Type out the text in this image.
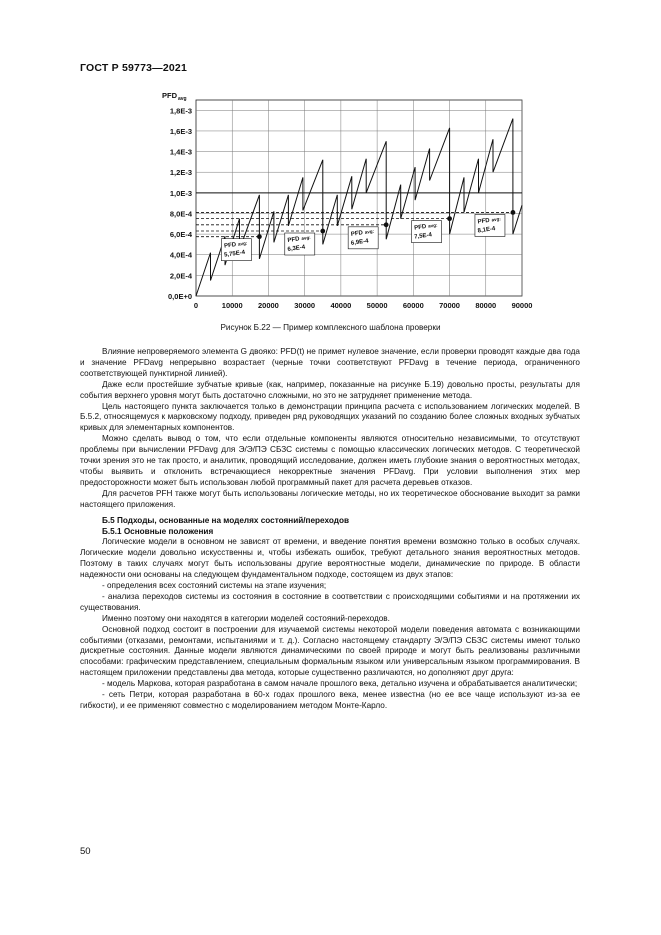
ГОСТ Р 59773—2021
0,0E+0
2,0E-4
4,0E-4
6,0E-4
8,0E-4
1,0E-3
1,2E-3
1,4E-3
1,6E-3
1,8E-3
0	10000 20000 30000 40000 50000 60000 70000 80000 90000
PFD avg
PFD avg:
5,75E-4
PFD avg:
6,3E-4
PFD avg:
6,9E-4
PFD avg:
7,5E-4
PFD avg:
8,1E-4
Рисунок Б.22 — Пример комплексного шаблона проверки

Влияние непроверяемого элемента G двояко: PFD(t) не примет нулевое значение, если проверки проводят каждые два года и значение PFDavg непрерывно возрастает (черные точки соответствуют PFDavg в течение периода, ограниченного соответствующей пунктирной линией).

Даже если простейшие зубчатые кривые (как, например, показанные на рисунке Б.19) довольно просты, результаты для события верхнего уровня могут быть достаточно сложными, но это не затрудняет применение метода.

Цель настоящего пункта заключается только в демонстрации принципа расчета с использованием логических моделей. В Б.5.2, относящемуся к марковскому подходу, приведен ряд руководящих указаний по созданию более сложных входных зубчатых кривых для элементарных компонентов.

Можно сделать вывод о том, что если отдельные компоненты являются относительно независимыми, то отсутствуют проблемы при вычислении PFDavg для Э/Э/ПЭ СБЗС системы с помощью классических логических методов. С теоретической точки зрения это не так просто, и аналитик, проводящий исследование, должен иметь глубокие знания о вероятностных методах, чтобы выявить и отклонить встречающиеся некорректные значения PFDavg. При условии выполнения этих мер предосторожности может быть использован любой программный пакет для расчета деревьев отказов.

Для расчетов PFH также могут быть использованы логические методы, но их теоретическое обоснование выходит за рамки настоящего приложения.

Б.5 Подходы, основанные на моделях состояний/переходов

Б.5.1 Основные положения

Логические модели в основном не зависят от времени, и введение понятия времени возможно только в особых случаях. Логические модели довольно искусственны и, чтобы избежать ошибок, требуют детального знания вероятностных методов. Поэтому в таких случаях могут быть использованы другие вероятностные модели, динамические по природе. В области надежности они основаны на следующем фундаментальном подходе, состоящем из двух этапов:

- определения всех состояний системы на этапе изучения;

- анализа переходов системы из состояния в состояние в соответствии с происходящими событиями и на протяжении их существования.

Именно поэтому они находятся в категории моделей состояний-переходов.

Основной подход состоит в построении для изучаемой системы некоторой модели поведения автомата с возникающими событиями (отказами, ремонтами, испытаниями и т. д.). Согласно настоящему стандарту Э/Э/ПЭ СБЗС системы имеют только дискретные состояния. Данные модели являются динамическими по своей природе и могут быть реализованы различными способами: графическим представлением, специальным формальным языком или универсальным языком программирования. В настоящем приложении представлены два метода, которые существенно различаются, но дополняют друг друга:

- модель Маркова, которая разработана в самом начале прошлого века, детально изучена и обрабатывается аналитически;

- сеть Петри, которая разработана в 60-х годах прошлого века, менее известна (но ее все чаще используют из-за ее гибкости), и ее применяют совместно с моделированием методом Монте-Карло.

50
